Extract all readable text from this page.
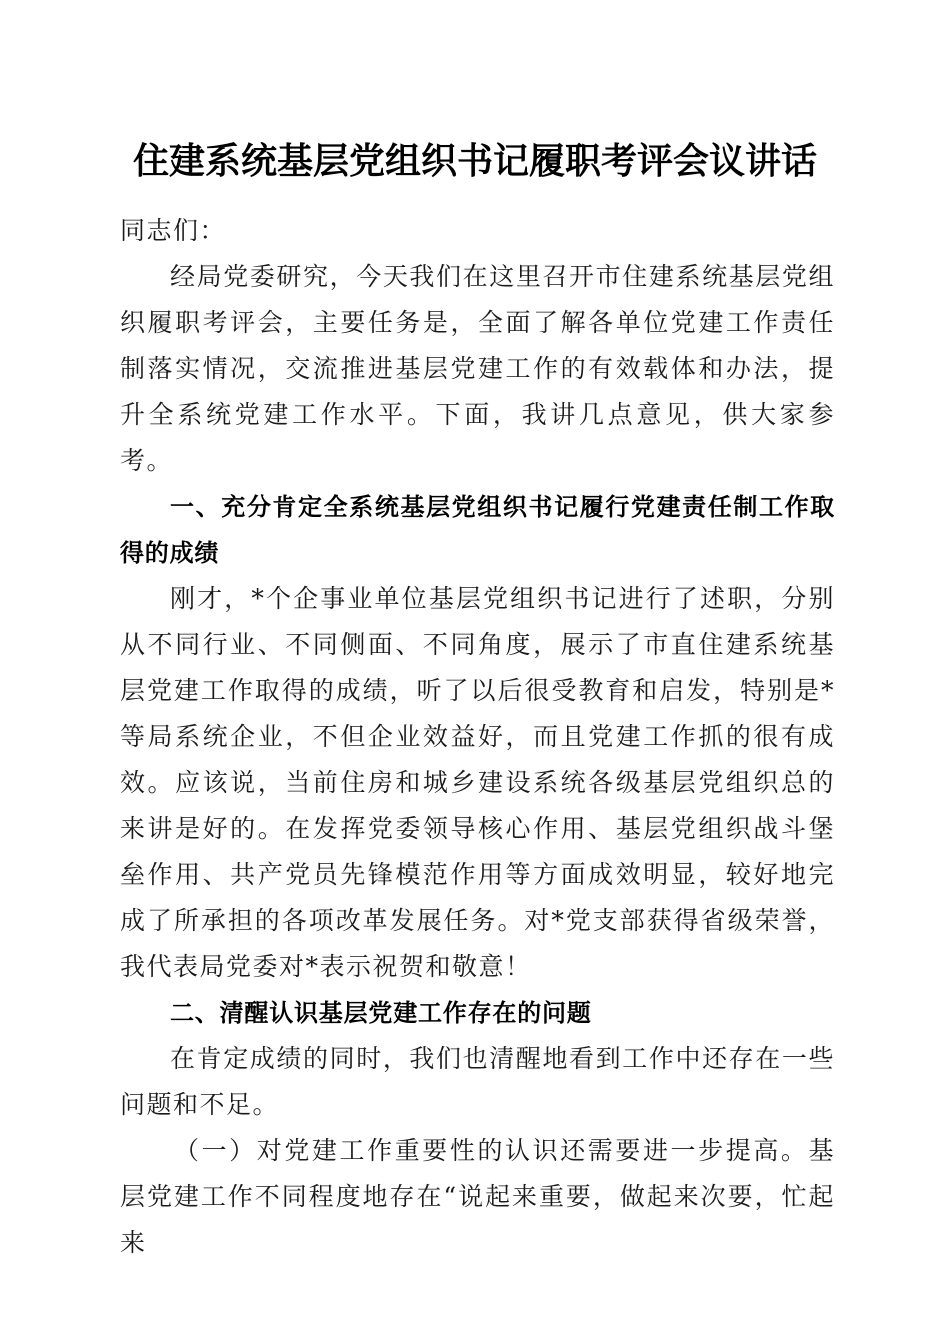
住建系统基层党组织书记履职考评会议讲话

同志们：

经局党委研究，今天我们在这里召开市住建系统基层党组织履职考评会，主要任务是，全面了解各单位党建工作责任制落实情况，交流推进基层党建工作的有效载体和办法，提升全系统党建工作水平。下面，我讲几点意见，供大家参考。

一、充分肯定全系统基层党组织书记履行党建责任制工作取得的成绩

刚才，*个企事业单位基层党组织书记进行了述职，分别从不同行业、不同侧面、不同角度，展示了市直住建系统基层党建工作取得的成绩，听了以后很受教育和启发，特别是*等局系统企业，不但企业效益好，而且党建工作抓的很有成效。应该说，当前住房和城乡建设系统各级基层党组织总的来讲是好的。在发挥党委领导核心作用、基层党组织战斗堡垒作用、共产党员先锋模范作用等方面成效明显，较好地完成了所承担的各项改革发展任务。对*党支部获得省级荣誉，我代表局党委对*表示祝贺和敬意！

二、清醒认识基层党建工作存在的问题

在肯定成绩的同时，我们也清醒地看到工作中还存在一些问题和不足。

（一）对党建工作重要性的认识还需要进一步提高。基层党建工作不同程度地存在“说起来重要，做起来次要，忙起来
